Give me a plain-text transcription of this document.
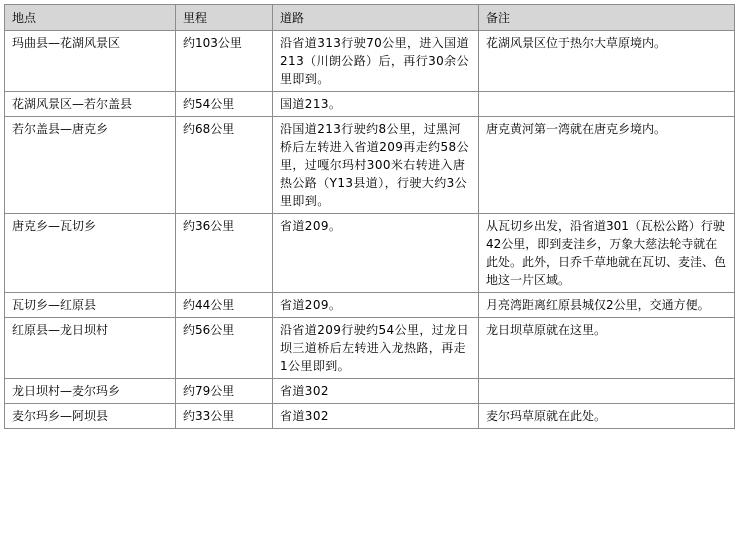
地点	里程	道路	备注
玛曲县—花湖风景区	约103公里	沿省道313行驶70公里，进入国道213（川朗公路）后，再行30余公里即到。	花湖风景区位于热尔大草原境内。
花湖风景区—若尔盖县	约54公里	国道213。	
若尔盖县—唐克乡	约68公里	沿国道213行驶约8公里，过黑河桥后左转进入省道209再走约58公里，过嘎尔玛村300米右转进入唐热公路（Y13县道），行驶大约3公里即到。	唐克黄河第一湾就在唐克乡境内。
唐克乡—瓦切乡	约36公里	省道209。	从瓦切乡出发，沿省道301（瓦松公路）行驶42公里，即到麦洼乡，万象大慈法轮寺就在此处。此外，日乔千草地就在瓦切、麦洼、色地这一片区域。
瓦切乡—红原县	约44公里	省道209。	月亮湾距离红原县城仅2公里，交通方便。
红原县—龙日坝村	约56公里	沿省道209行驶约54公里，过龙日坝三道桥后左转进入龙热路，再走1公里即到。	龙日坝草原就在这里。
龙日坝村—麦尔玛乡	约79公里	省道302	
麦尔玛乡—阿坝县	约33公里	省道302	麦尔玛草原就在此处。
